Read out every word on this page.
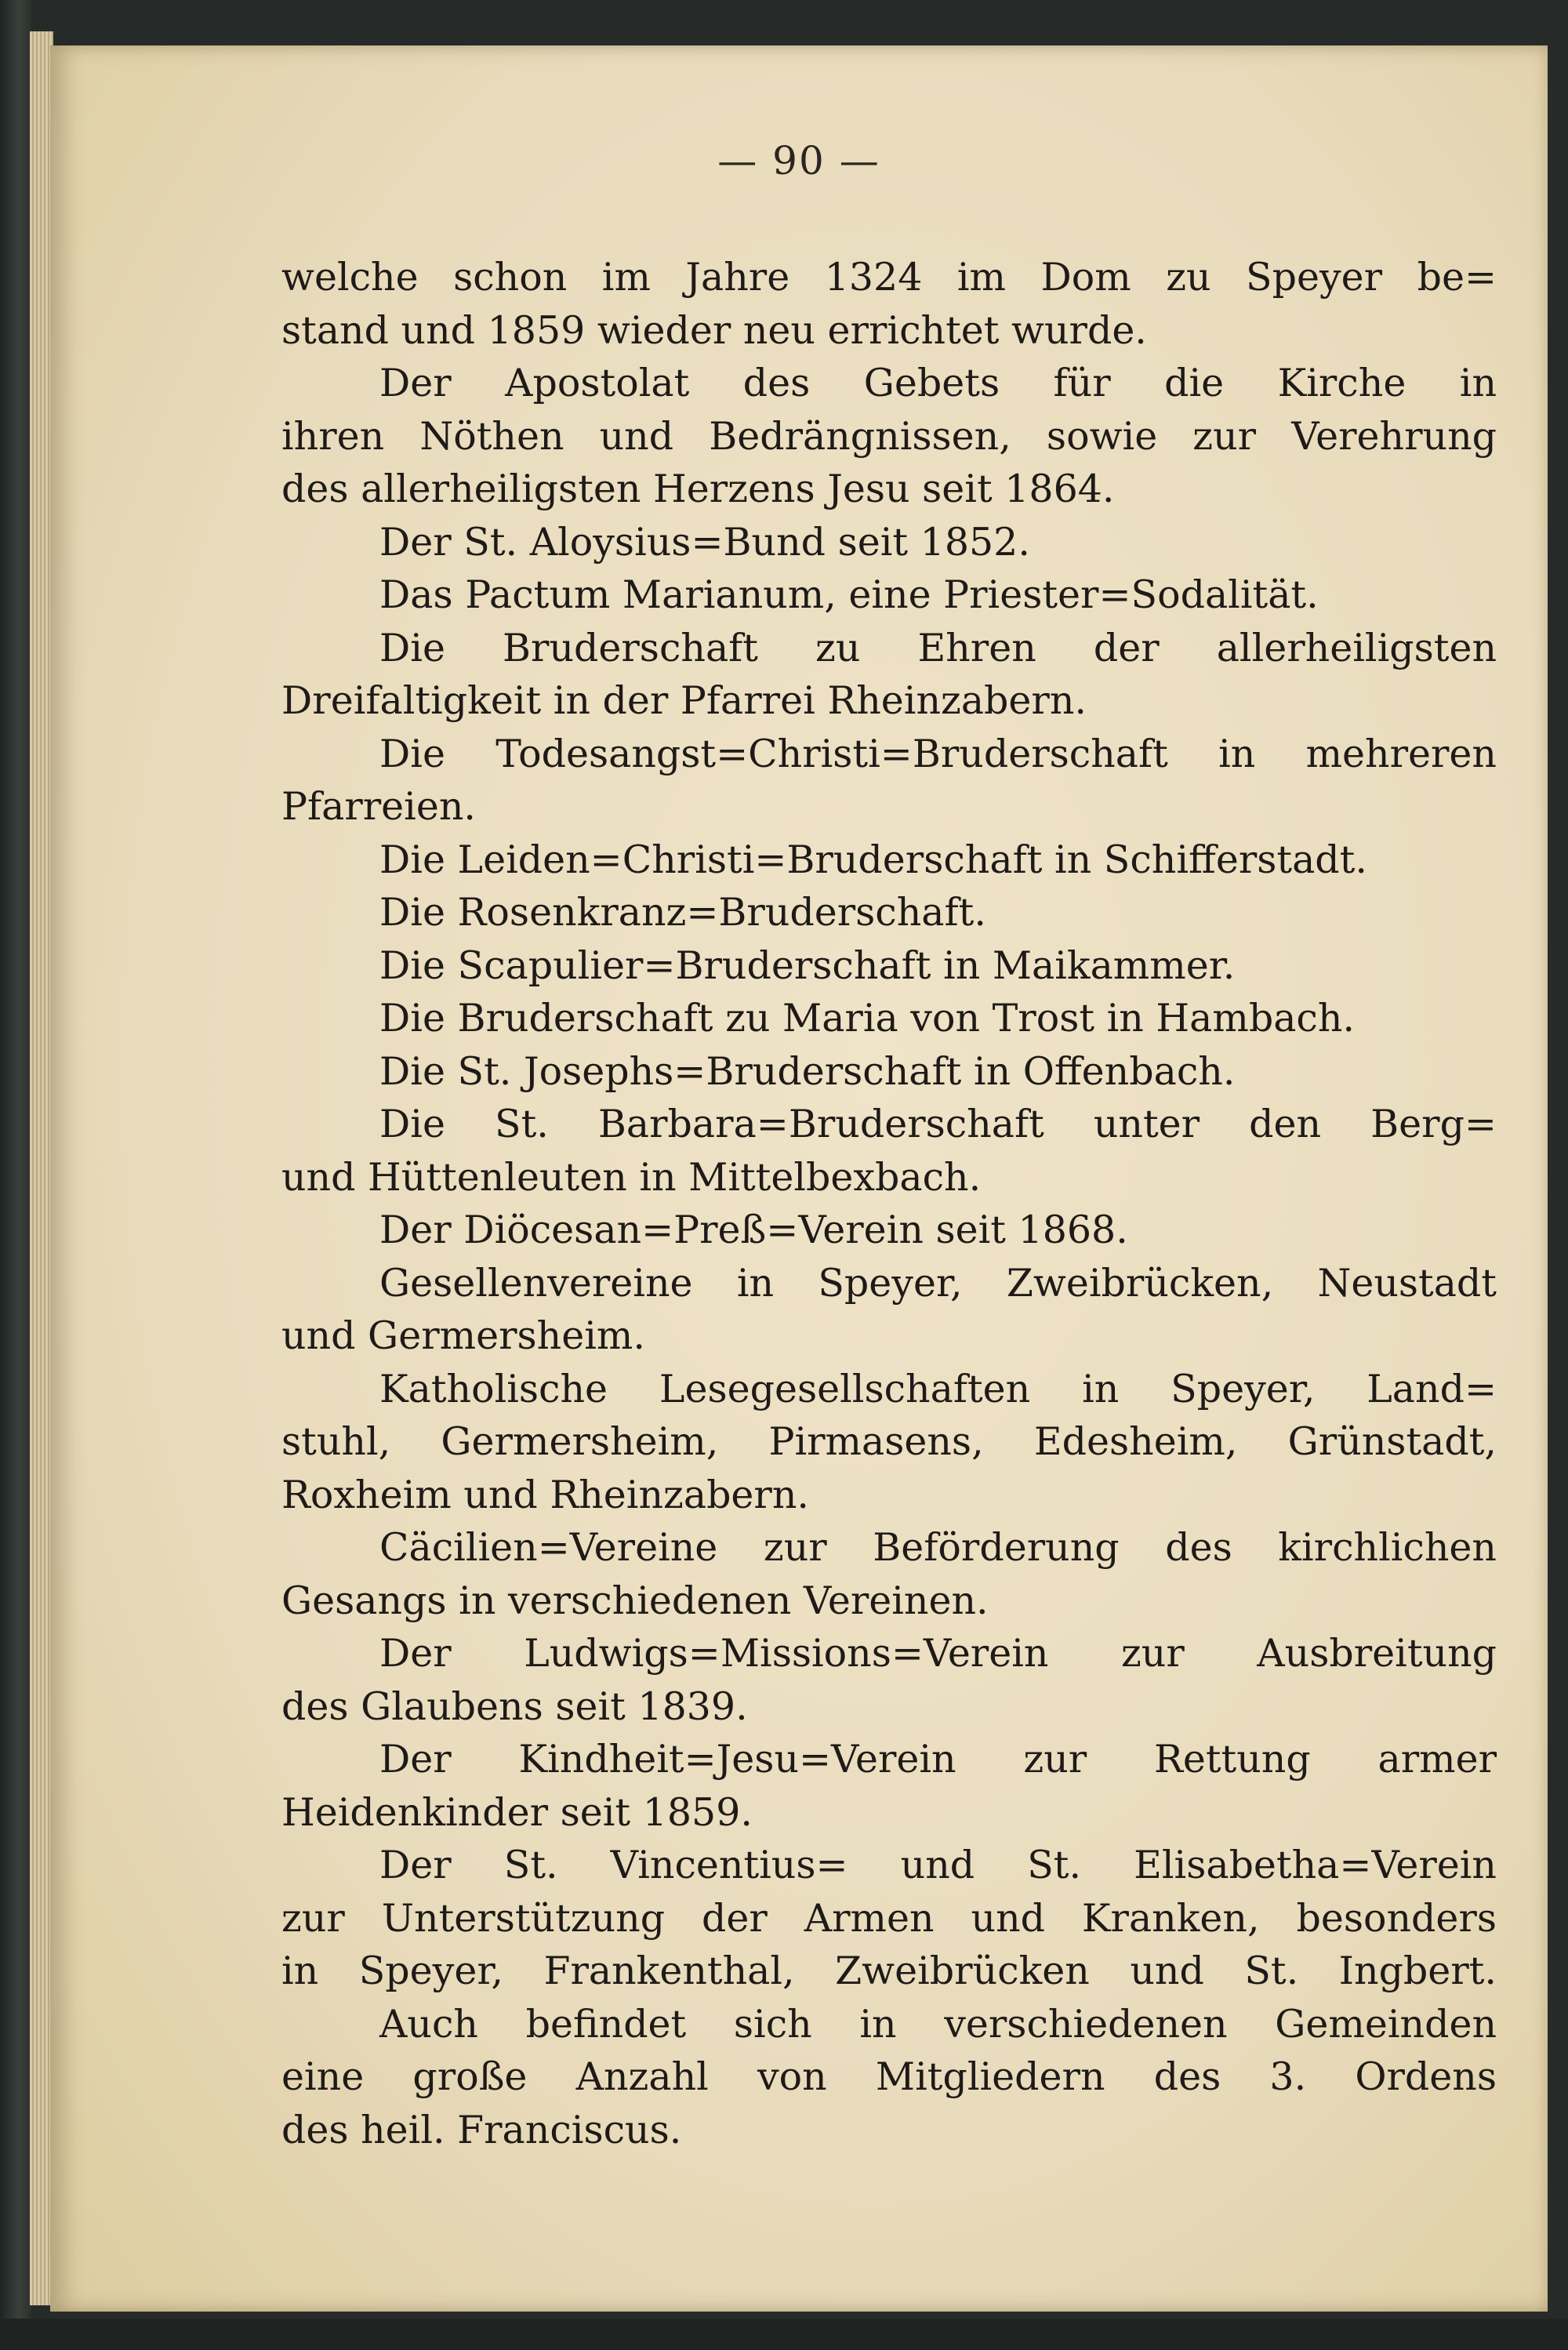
— 90 —
welche schon im Jahre 1324 im Dom zu Speyer be=
stand und 1859 wieder neu errichtet wurde.
Der Apostolat des Gebets für die Kirche in
ihren Nöthen und Bedrängnissen, sowie zur Verehrung
des allerheiligsten Herzens Jesu seit 1864.
Der St. Aloysius=Bund seit 1852.
Das Pactum Marianum, eine Priester=Sodalität.
Die Bruderschaft zu Ehren der allerheiligsten
Dreifaltigkeit in der Pfarrei Rheinzabern.
Die Todesangst=Christi=Bruderschaft in mehreren
Pfarreien.
Die Leiden=Christi=Bruderschaft in Schifferstadt.
Die Rosenkranz=Bruderschaft.
Die Scapulier=Bruderschaft in Maikammer.
Die Bruderschaft zu Maria von Trost in Hambach.
Die St. Josephs=Bruderschaft in Offenbach.
Die St. Barbara=Bruderschaft unter den Berg=
und Hüttenleuten in Mittelbexbach.
Der Diöcesan=Preß=Verein seit 1868.
Gesellenvereine in Speyer, Zweibrücken, Neustadt
und Germersheim.
Katholische Lesegesellschaften in Speyer, Land=
stuhl, Germersheim, Pirmasens, Edesheim, Grünstadt,
Roxheim und Rheinzabern.
Cäcilien=Vereine zur Beförderung des kirchlichen
Gesangs in verschiedenen Vereinen.
Der Ludwigs=Missions=Verein zur Ausbreitung
des Glaubens seit 1839.
Der Kindheit=Jesu=Verein zur Rettung armer
Heidenkinder seit 1859.
Der St. Vincentius= und St. Elisabetha=Verein
zur Unterstützung der Armen und Kranken, besonders
in Speyer, Frankenthal, Zweibrücken und St. Ingbert.
Auch befindet sich in verschiedenen Gemeinden
eine große Anzahl von Mitgliedern des 3. Ordens
des heil. Franciscus.
